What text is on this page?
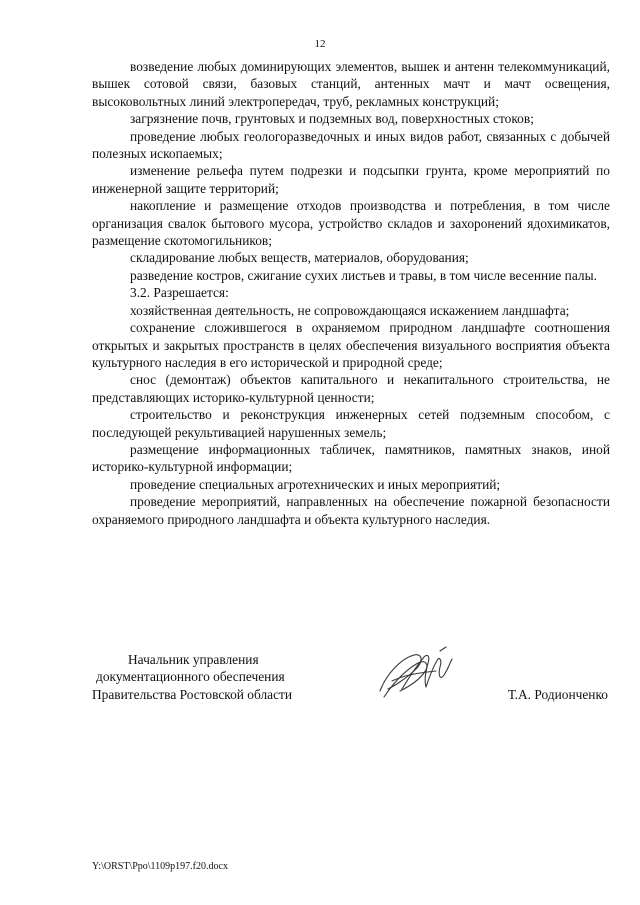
12

возведение любых доминирующих элементов, вышек и антенн телекоммуникаций, вышек сотовой связи, базовых станций, антенных мачт и мачт освещения, высоковольтных линий электропередач, труб, рекламных конструкций;

загрязнение почв, грунтовых и подземных вод, поверхностных стоков;

проведение любых геологоразведочных и иных видов работ, связанных с добычей полезных ископаемых;

изменение рельефа путем подрезки и подсыпки грунта, кроме мероприятий по инженерной защите территорий;

накопление и размещение отходов производства и потребления, в том числе организация свалок бытового мусора, устройство складов и захоронений ядохимикатов, размещение скотомогильников;

складирование любых веществ, материалов, оборудования;

разведение костров, сжигание сухих листьев и травы, в том числе весенние палы.

3.2. Разрешается:

хозяйственная деятельность, не сопровождающаяся искажением ландшафта;

сохранение сложившегося в охраняемом природном ландшафте соотношения открытых и закрытых пространств в целях обеспечения визуального восприятия объекта культурного наследия в его исторической и природной среде;

снос (демонтаж) объектов капитального и некапитального строительства, не представляющих историко-культурной ценности;

строительство и реконструкция инженерных сетей подземным способом, с последующей рекультивацией нарушенных земель;

размещение информационных табличек, памятников, памятных знаков, иной историко-культурной информации;

проведение специальных агротехнических и иных мероприятий;

проведение мероприятий, направленных на обеспечение пожарной безопасности охраняемого природного ландшафта и объекта культурного наследия.

Начальник управления
документационного обеспечения
Правительства Ростовской области	Т.А. Родионченко
Y:\ORST\Ppo\1109p197.f20.docx
